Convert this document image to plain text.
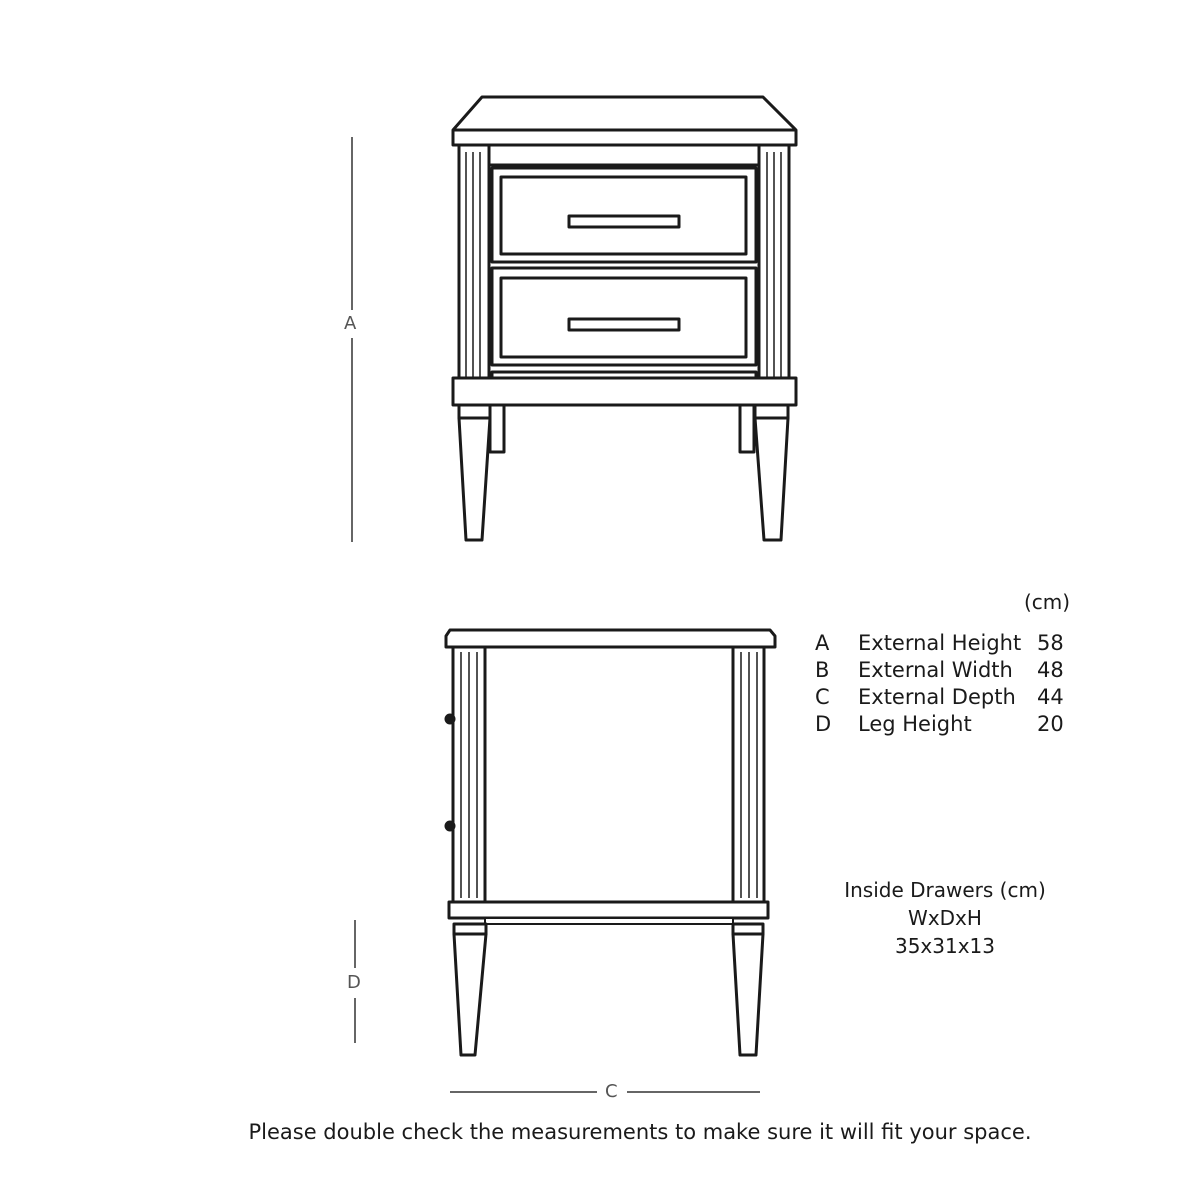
A
D
C
(cm)
A External Height 58
B External Width 48
C External Depth 44
D Leg Height	20
Inside Drawers (cm)
WxDxH
35x31x13
Please double check the measurements to make sure it will fit your space.
